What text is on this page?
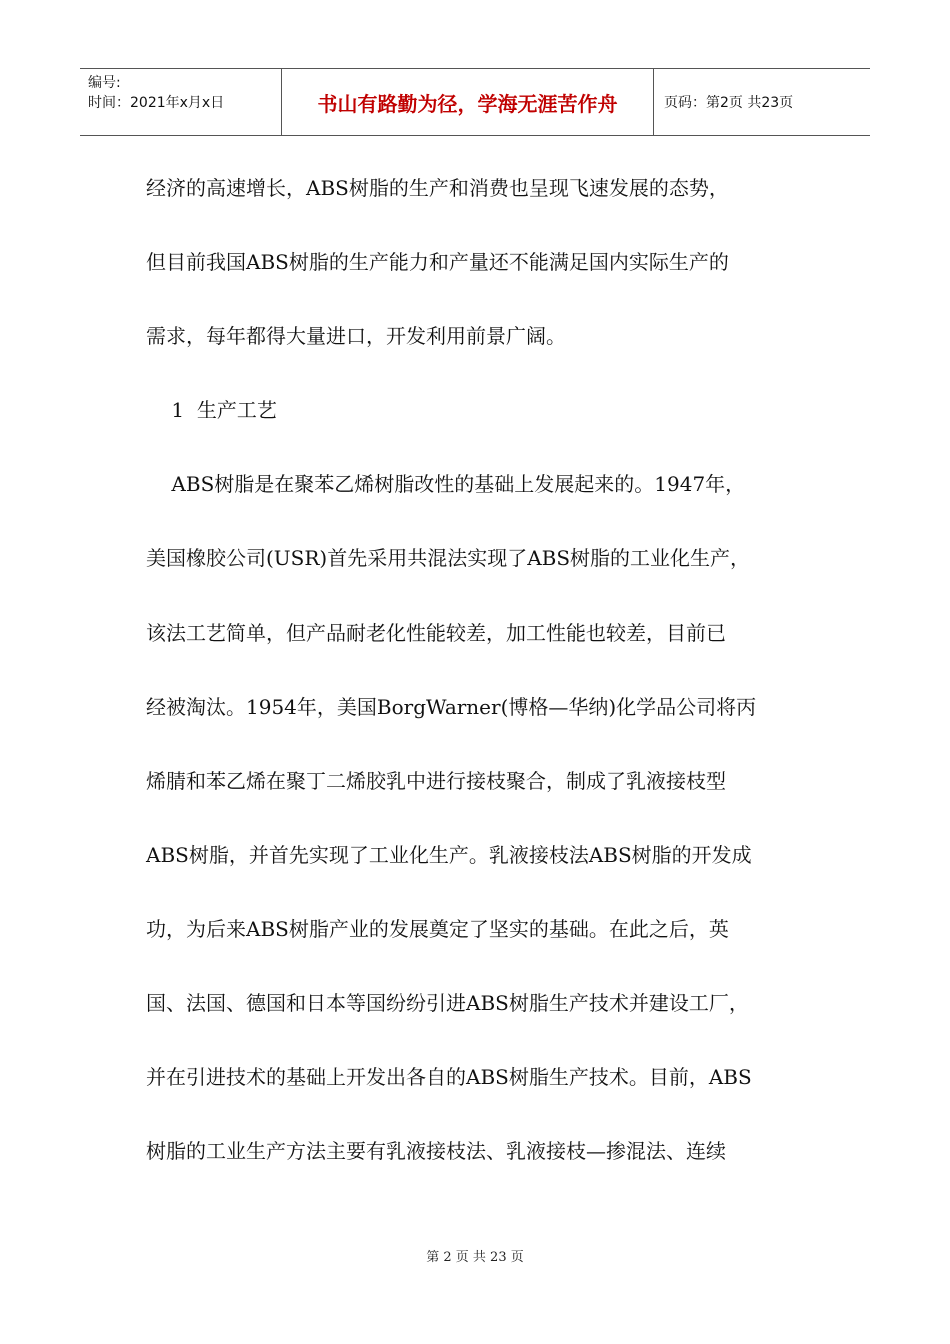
编号:
时间：2021年x月x日	书山有路勤为径，学海无涯苦作舟	页码：第2页 共23页

经济的高速增长，ABS树脂的生产和消费也呈现飞速发展的态势，

但目前我国ABS树脂的生产能力和产量还不能满足国内实际生产的

需求，每年都得大量进口，开发利用前景广阔。

1  生产工艺

ABS树脂是在聚苯乙烯树脂改性的基础上发展起来的。1947年，

美国橡胶公司(USR)首先采用共混法实现了ABS树脂的工业化生产，

该法工艺简单，但产品耐老化性能较差，加工性能也较差，目前已

经被淘汰。1954年，美国BorgWarner(博格—华纳)化学品公司将丙

烯腈和苯乙烯在聚丁二烯胶乳中进行接枝聚合，制成了乳液接枝型

ABS树脂，并首先实现了工业化生产。乳液接枝法ABS树脂的开发成

功，为后来ABS树脂产业的发展奠定了坚实的基础。在此之后，英

国、法国、德国和日本等国纷纷引进ABS树脂生产技术并建设工厂，

并在引进技术的基础上开发出各自的ABS树脂生产技术。目前，ABS

树脂的工业生产方法主要有乳液接枝法、乳液接枝—掺混法、连续

第 2 页 共 23 页
